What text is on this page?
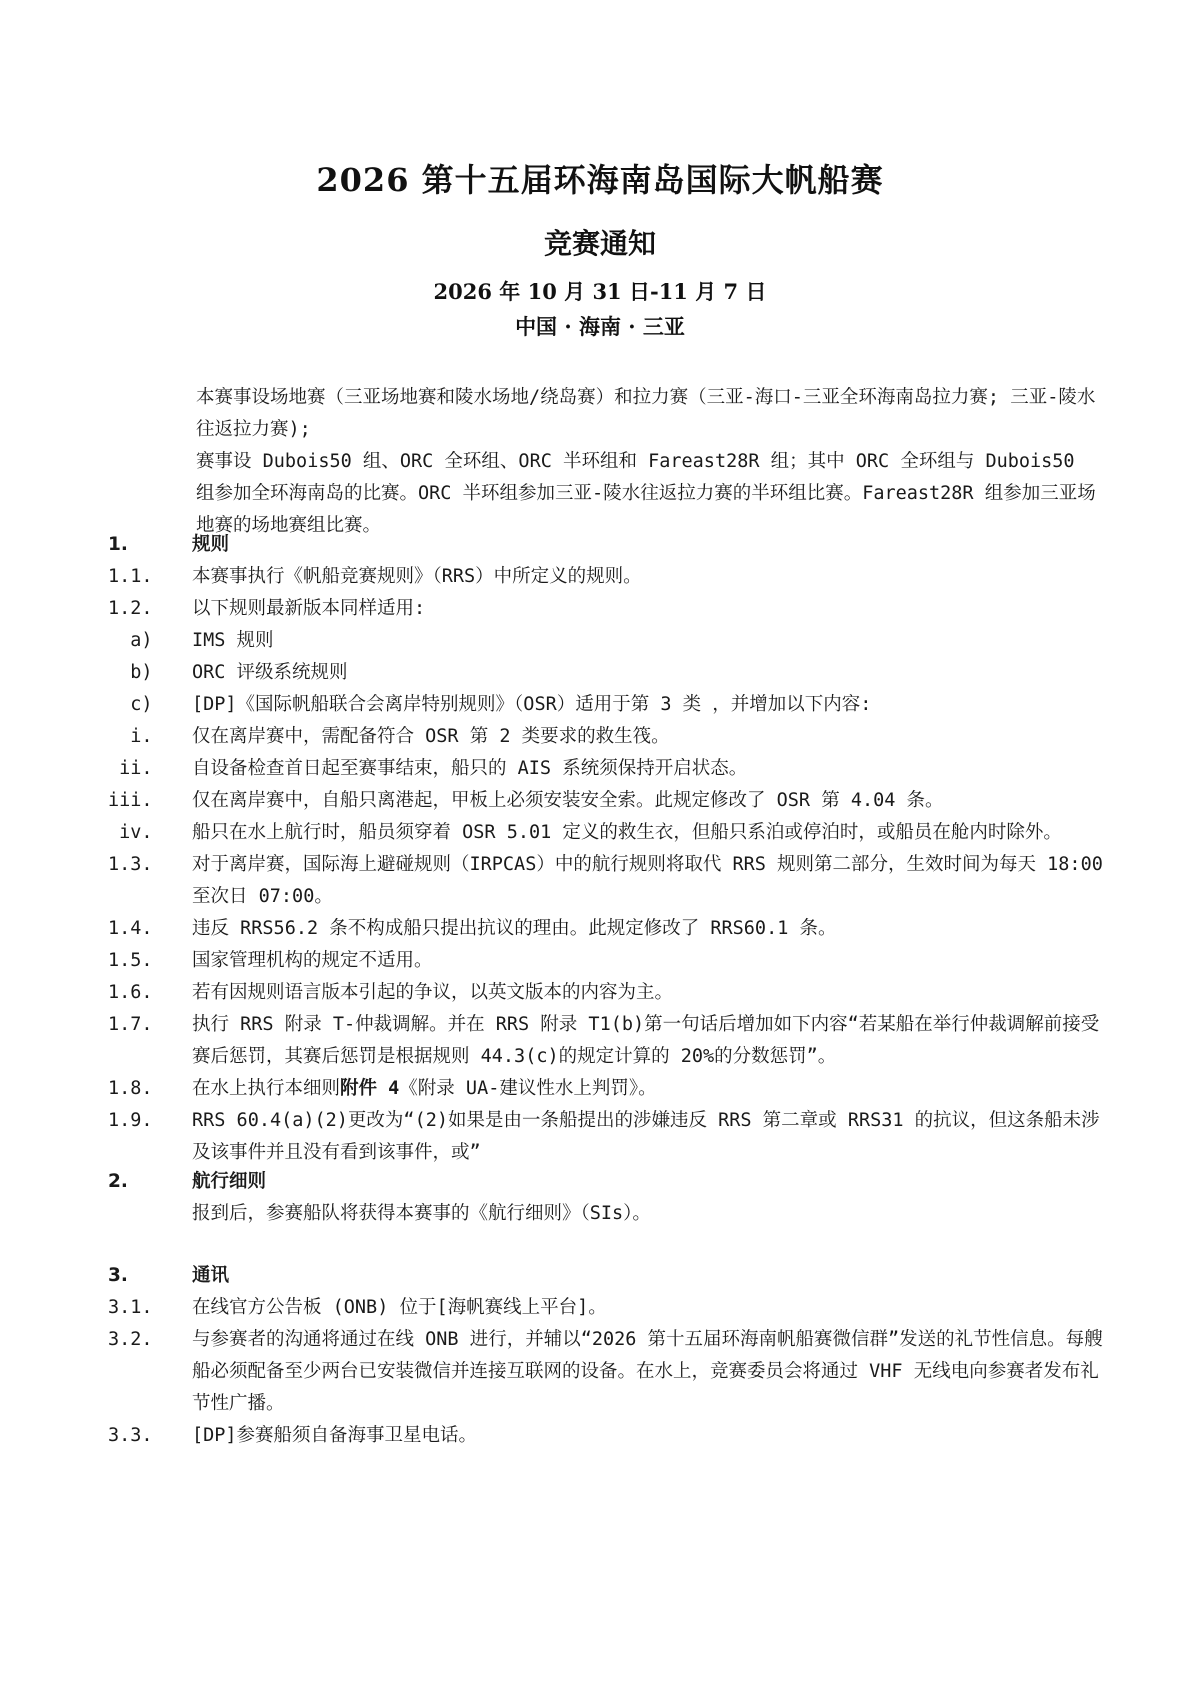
2026 第十五届环海南岛国际大帆船赛
竞赛通知
2026 年 10 月 31 日-11 月 7 日
中国 · 海南 · 三亚

本赛事设场地赛（三亚场地赛和陵水场地/绕岛赛）和拉力赛（三亚-海口-三亚全环海南岛拉力赛; 三亚-陵水往返拉力赛);

赛事设 Dubois50 组、ORC 全环组、ORC 半环组和 Fareast28R 组；其中 ORC 全环组与 Dubois50 组参加全环海南岛的比赛。ORC 半环组参加三亚-陵水往返拉力赛的半环组比赛。Fareast28R 组参加三亚场地赛的场地赛组比赛。

1.	规则
1.1.	本赛事执行《帆船竞赛规则》（RRS）中所定义的规则。
1.2.	以下规则最新版本同样适用:
a)	IMS 规则
b)	ORC 评级系统规则
c)	[DP]《国际帆船联合会离岸特别规则》（OSR）适用于第 3 类 ，并增加以下内容:
i.	仅在离岸赛中，需配备符合 OSR 第 2 类要求的救生筏。
ii.	自设备检查首日起至赛事结束，船只的 AIS 系统须保持开启状态。
iii.	仅在离岸赛中，自船只离港起，甲板上必须安装安全索。此规定修改了 OSR 第 4.04 条。
iv.	船只在水上航行时，船员须穿着 OSR 5.01 定义的救生衣，但船只系泊或停泊时，或船员在舱内时除外。
1.3.	对于离岸赛，国际海上避碰规则（IRPCAS）中的航行规则将取代 RRS 规则第二部分，生效时间为每天 18:00 至次日 07:00。
1.4.	违反 RRS56.2 条不构成船只提出抗议的理由。此规定修改了 RRS60.1 条。
1.5.	国家管理机构的规定不适用。
1.6.	若有因规则语言版本引起的争议，以英文版本的内容为主。
1.7.	执行 RRS 附录 T-仲裁调解。并在 RRS 附录 T1(b)第一句话后增加如下内容“若某船在举行仲裁调解前接受赛后惩罚，其赛后惩罚是根据规则 44.3(c)的规定计算的 20%的分数惩罚”。
1.8.	在水上执行本细则附件 4《附录 UA-建议性水上判罚》。
1.9.	RRS 60.4(a)(2)更改为“(2)如果是由一条船提出的涉嫌违反 RRS 第二章或 RRS31 的抗议，但这条船未涉及该事件并且没有看到该事件，或”
2.	航行细则
报到后，参赛船队将获得本赛事的《航行细则》（SIs）。
3.	通讯
3.1.	在线官方公告板 (ONB) 位于[海帆赛线上平台]。
3.2.	与参赛者的沟通将通过在线 ONB 进行，并辅以“2026 第十五届环海南帆船赛微信群”发送的礼节性信息。每艘船必须配备至少两台已安装微信并连接互联网的设备。在水上，竞赛委员会将通过 VHF 无线电向参赛者发布礼节性广播。
3.3.	[DP]参赛船须自备海事卫星电话。
